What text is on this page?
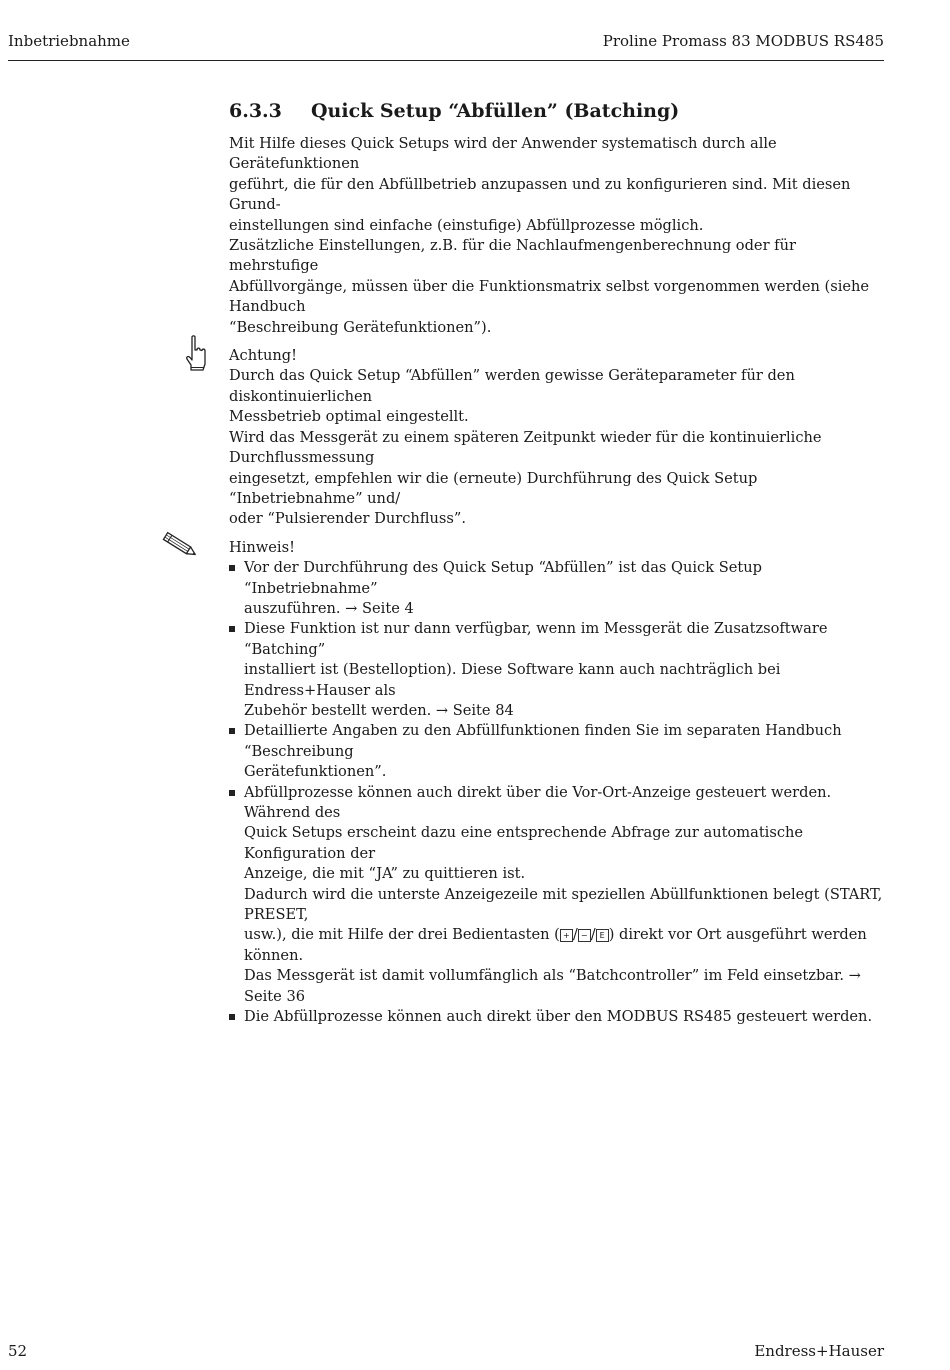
Inbetriebnahme	Proline Promass 83 MODBUS RS485
6.3.3 Quick Setup “Abfüllen” (Batching)

Mit Hilfe dieses Quick Setups wird der Anwender systematisch durch alle Gerätefunktionen

geführt, die für den Abfüllbetrieb anzupassen und zu konfigurieren sind. Mit diesen Grund-

einstellungen sind einfache (einstufige) Abfüllprozesse möglich.

Zusätzliche Einstellungen, z.B. für die Nachlaufmengenberechnung oder für mehrstufige

Abfüllvorgänge, müssen über die Funktionsmatrix selbst vorgenommen werden (siehe Handbuch

“Beschreibung Gerätefunktionen”).

Achtung!

Durch das Quick Setup “Abfüllen” werden gewisse Geräteparameter für den diskontinuierlichen

Messbetrieb optimal eingestellt.

Wird das Messgerät zu einem späteren Zeitpunkt wieder für die kontinuierliche Durchflussmessung

eingesetzt, empfehlen wir die (erneute) Durchführung des Quick Setup “Inbetriebnahme” und/

oder “Pulsierender Durchfluss”.

Hinweis!

Vor der Durchführung des Quick Setup “Abfüllen” ist das Quick Setup “Inbetriebnahme”
auszuführen. → Seite 4
Diese Funktion ist nur dann verfügbar, wenn im Messgerät die Zusatzsoftware “Batching”
installiert ist (Bestelloption). Diese Software kann auch nachträglich bei Endress+Hauser als
Zubehör bestellt werden. → Seite 84
Detaillierte Angaben zu den Abfüllfunktionen finden Sie im separaten Handbuch “Beschreibung
Gerätefunktionen”.
Abfüllprozesse können auch direkt über die Vor-Ort-Anzeige gesteuert werden. Während des
Quick Setups erscheint dazu eine entsprechende Abfrage zur automatische Konfiguration der
Anzeige, die mit “JA” zu quittieren ist.
Dadurch wird die unterste Anzeigezeile mit speziellen Abüllfunktionen belegt (START, PRESET,
usw.), die mit Hilfe der drei Bedientasten ( + / − / E ) direkt vor Ort ausgeführt werden können.
Das Messgerät ist damit vollumfänglich als “Batchcontroller” im Feld einsetzbar. → Seite 36
Die Abfüllprozesse können auch direkt über den MODBUS RS485 gesteuert werden.
52	Endress+Hauser
